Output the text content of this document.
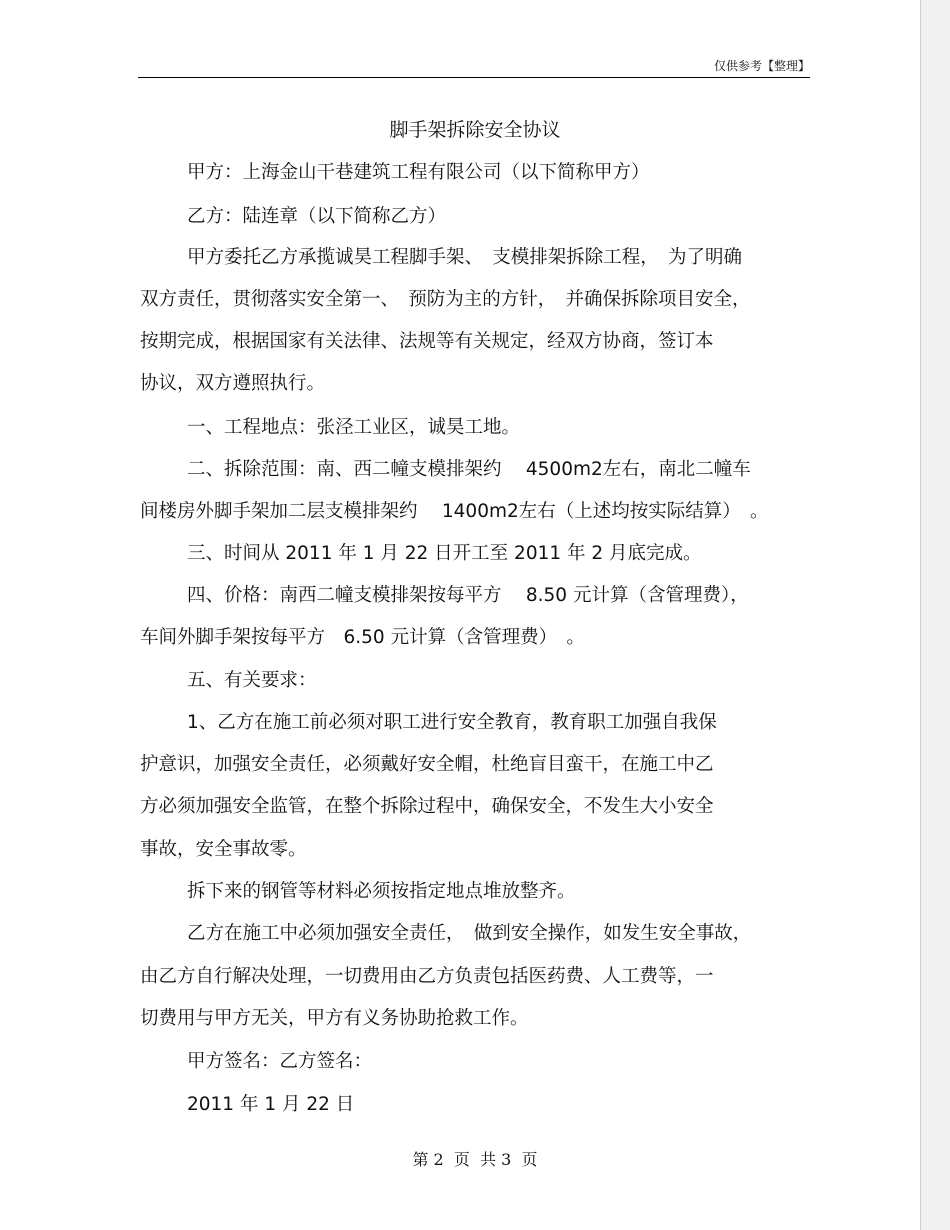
仅供参考【整理】
脚手架拆除安全协议
甲方：上海金山干巷建筑工程有限公司（以下简称甲方）
乙方：陆连章（以下简称乙方）
甲方委托乙方承揽诚昊工程脚手架、　支模排架拆除工程，　为了明确
双方责任，贯彻落实安全第一、　预防为主的方针，　并确保拆除项目安全，
按期完成，根据国家有关法律、法规等有关规定，经双方协商，签订本
协议，双方遵照执行。
一、工程地点：张泾工业区，诚昊工地。
二、拆除范围：南、西二幢支模排架约　 4500m2左右，南北二幢车
间楼房外脚手架加二层支模排架约　 1400m2左右（上述均按实际结算）　。
三、时间从 2011 年 1 月 22 日开工至 2011 年 2 月底完成。
四、价格：南西二幢支模排架按每平方　 8.50 元计算（含管理费），
车间外脚手架按每平方　6.50 元计算（含管理费）　。
五、有关要求：
1、乙方在施工前必须对职工进行安全教育，教育职工加强自我保
护意识，加强安全责任，必须戴好安全帽，杜绝盲目蛮干，在施工中乙
方必须加强安全监管，在整个拆除过程中，确保安全，不发生大小安全
事故，安全事故零。
拆下来的钢管等材料必须按指定地点堆放整齐。
乙方在施工中必须加强安全责任，　做到安全操作，如发生安全事故，
由乙方自行解决处理，一切费用由乙方负责包括医药费、人工费等，一
切费用与甲方无关，甲方有义务协助抢救工作。
甲方签名：乙方签名：
2011 年 1 月 22 日
第 2  页  共 3  页
